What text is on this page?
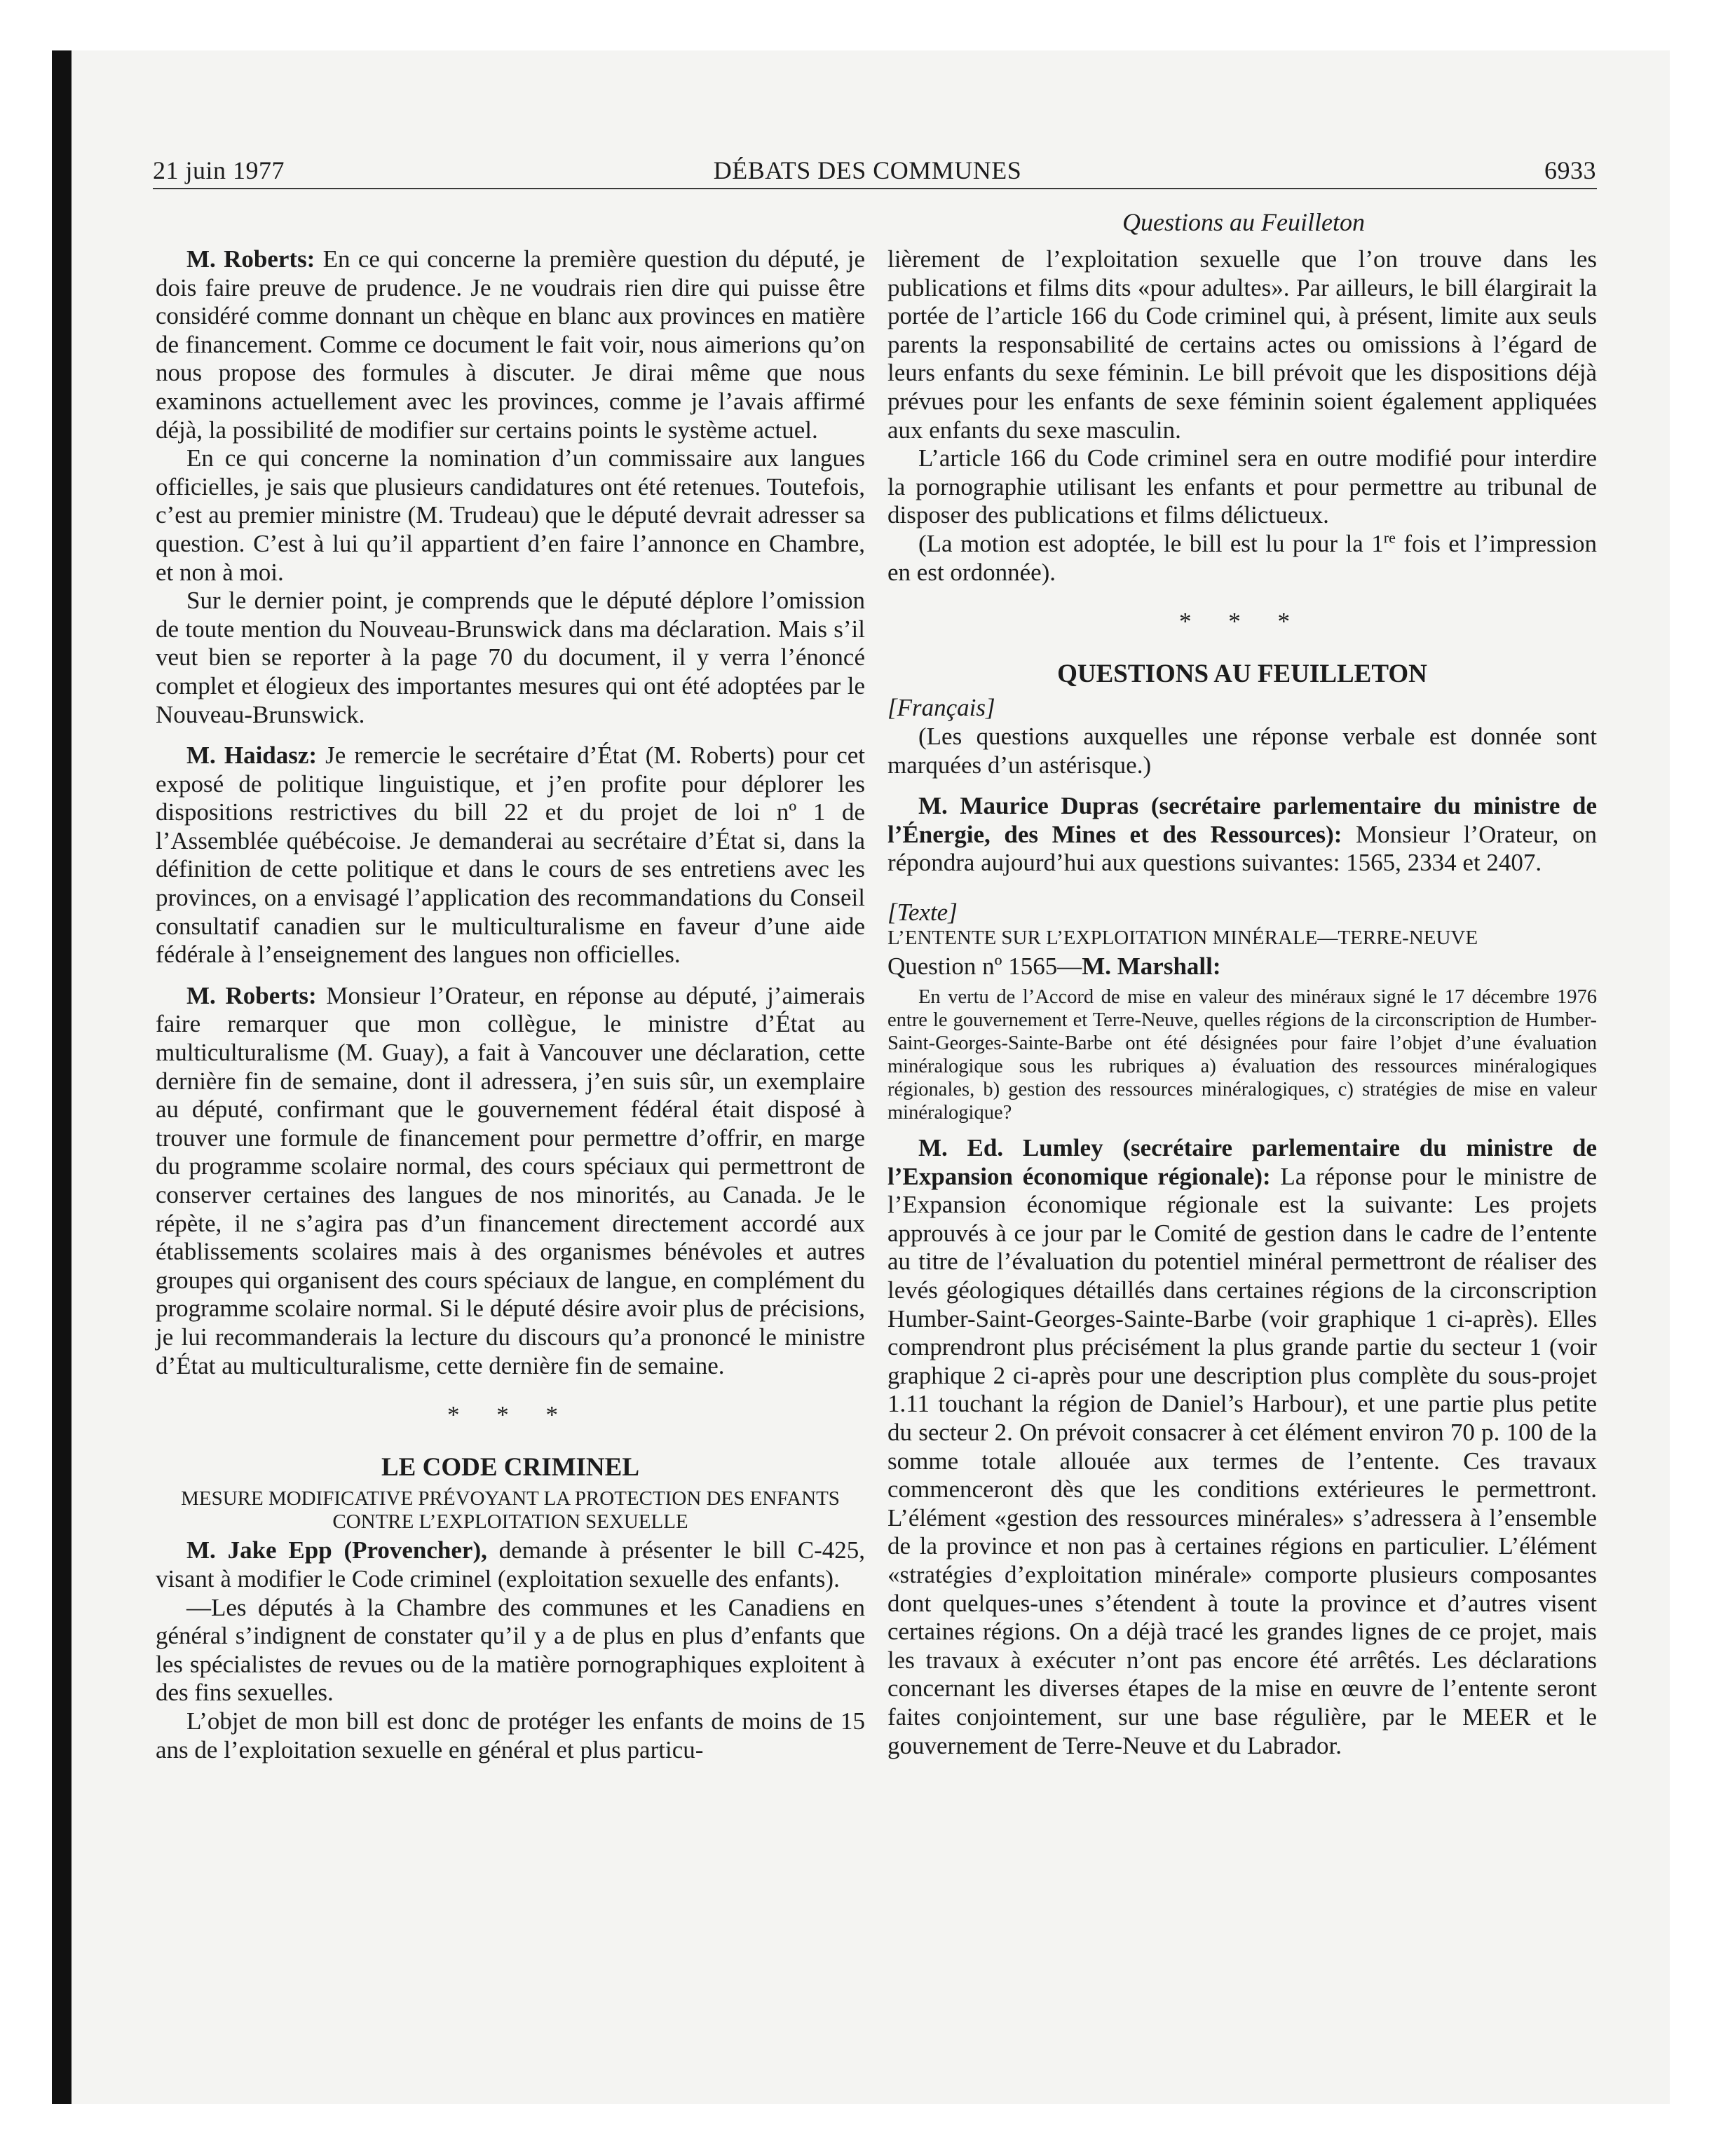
21 juin 1977	DÉBATS DES COMMUNES	6933
Questions au Feuilleton

M. Roberts: En ce qui concerne la première question du député, je dois faire preuve de prudence. Je ne voudrais rien dire qui puisse être considéré comme donnant un chèque en blanc aux provinces en matière de financement. Comme ce document le fait voir, nous aimerions qu’on nous propose des formules à discuter. Je dirai même que nous examinons actuellement avec les provinces, comme je l’avais affirmé déjà, la possibilité de modifier sur certains points le système actuel.

En ce qui concerne la nomination d’un commissaire aux langues officielles, je sais que plusieurs candidatures ont été retenues. Toutefois, c’est au premier ministre (M. Trudeau) que le député devrait adresser sa question. C’est à lui qu’il appartient d’en faire l’annonce en Chambre, et non à moi.

Sur le dernier point, je comprends que le député déplore l’omission de toute mention du Nouveau-Brunswick dans ma déclaration. Mais s’il veut bien se reporter à la page 70 du document, il y verra l’énoncé complet et élogieux des importantes mesures qui ont été adoptées par le Nouveau-Brunswick.

M. Haidasz: Je remercie le secrétaire d’État (M. Roberts) pour cet exposé de politique linguistique, et j’en profite pour déplorer les dispositions restrictives du bill 22 et du projet de loi nº 1 de l’Assemblée québécoise. Je demanderai au secrétaire d’État si, dans la définition de cette politique et dans le cours de ses entretiens avec les provinces, on a envisagé l’application des recommandations du Conseil consultatif canadien sur le multiculturalisme en faveur d’une aide fédérale à l’enseignement des langues non officielles.

M. Roberts: Monsieur l’Orateur, en réponse au député, j’aimerais faire remarquer que mon collègue, le ministre d’État au multiculturalisme (M. Guay), a fait à Vancouver une déclaration, cette dernière fin de semaine, dont il adressera, j’en suis sûr, un exemplaire au député, confirmant que le gouvernement fédéral était disposé à trouver une formule de financement pour permettre d’offrir, en marge du programme scolaire normal, des cours spéciaux qui permettront de conserver certaines des langues de nos minorités, au Canada. Je le répète, il ne s’agira pas d’un financement directement accordé aux établissements scolaires mais à des organismes bénévoles et autres groupes qui organisent des cours spéciaux de langue, en complément du programme scolaire normal. Si le député désire avoir plus de précisions, je lui recommanderais la lecture du discours qu’a prononcé le ministre d’État au multiculturalisme, cette dernière fin de semaine.

* * *

LE CODE CRIMINEL

MESURE MODIFICATIVE PRÉVOYANT LA PROTECTION DES ENFANTS CONTRE L’EXPLOITATION SEXUELLE

M. Jake Epp (Provencher), demande à présenter le bill C-425, visant à modifier le Code criminel (exploitation sexuelle des enfants).

—Les députés à la Chambre des communes et les Canadiens en général s’indignent de constater qu’il y a de plus en plus d’enfants que les spécialistes de revues ou de la matière pornographiques exploitent à des fins sexuelles.

L’objet de mon bill est donc de protéger les enfants de moins de 15 ans de l’exploitation sexuelle en général et plus particu-

lièrement de l’exploitation sexuelle que l’on trouve dans les publications et films dits «pour adultes». Par ailleurs, le bill élargirait la portée de l’article 166 du Code criminel qui, à présent, limite aux seuls parents la responsabilité de certains actes ou omissions à l’égard de leurs enfants du sexe féminin. Le bill prévoit que les dispositions déjà prévues pour les enfants de sexe féminin soient également appliquées aux enfants du sexe masculin.

L’article 166 du Code criminel sera en outre modifié pour interdire la pornographie utilisant les enfants et pour permettre au tribunal de disposer des publications et films délictueux.

(La motion est adoptée, le bill est lu pour la 1re fois et l’impression en est ordonnée).

* * *

QUESTIONS AU FEUILLETON

[Français]

(Les questions auxquelles une réponse verbale est donnée sont marquées d’un astérisque.)

M. Maurice Dupras (secrétaire parlementaire du ministre de l’Énergie, des Mines et des Ressources): Monsieur l’Orateur, on répondra aujourd’hui aux questions suivantes: 1565, 2334 et 2407.

[Texte]

L’ENTENTE SUR L’EXPLOITATION MINÉRALE—TERRE-NEUVE

Question nº 1565—M. Marshall:

En vertu de l’Accord de mise en valeur des minéraux signé le 17 décembre 1976 entre le gouvernement et Terre-Neuve, quelles régions de la circonscription de Humber-Saint-Georges-Sainte-Barbe ont été désignées pour faire l’objet d’une évaluation minéralogique sous les rubriques a) évaluation des ressources minéralogiques régionales, b) gestion des ressources minéralogiques, c) stratégies de mise en valeur minéralogique?

M. Ed. Lumley (secrétaire parlementaire du ministre de l’Expansion économique régionale): La réponse pour le ministre de l’Expansion économique régionale est la suivante: Les projets approuvés à ce jour par le Comité de gestion dans le cadre de l’entente au titre de l’évaluation du potentiel minéral permettront de réaliser des levés géologiques détaillés dans certaines régions de la circonscription Humber-Saint-Georges-Sainte-Barbe (voir graphique 1 ci-après). Elles comprendront plus précisément la plus grande partie du secteur 1 (voir graphique 2 ci-après pour une description plus complète du sous-projet 1.11 touchant la région de Daniel’s Harbour), et une partie plus petite du secteur 2. On prévoit consacrer à cet élément environ 70 p. 100 de la somme totale allouée aux termes de l’entente. Ces travaux commenceront dès que les conditions extérieures le permettront. L’élément «gestion des ressources minérales» s’adressera à l’ensemble de la province et non pas à certaines régions en particulier. L’élément «stratégies d’exploitation minérale» comporte plusieurs composantes dont quelques-unes s’étendent à toute la province et d’autres visent certaines régions. On a déjà tracé les grandes lignes de ce projet, mais les travaux à exécuter n’ont pas encore été arrêtés. Les déclarations concernant les diverses étapes de la mise en œuvre de l’entente seront faites conjointement, sur une base régulière, par le MEER et le gouvernement de Terre-Neuve et du Labrador.
